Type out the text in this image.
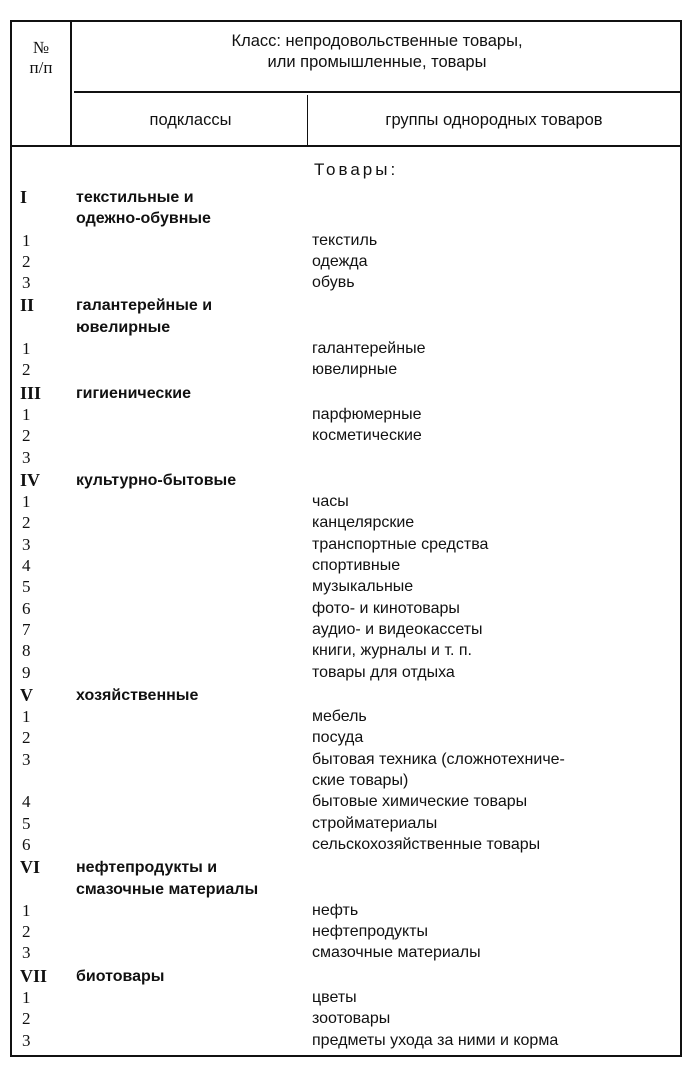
№
п/п
Класс: непродовольственные товары,
или промышленные, товары
подклассы	группы однородных товаров
Товары:
I	текстильные и
одежно-обувные
1	текстиль
2	одежда
3	обувь
II	галантерейные и
ювелирные
1	галантерейные
2	ювелирные
III	гигиенические
1	парфюмерные
2	косметические
3
IV	культурно-бытовые
1	часы
2	канцелярские
3	транспортные средства
4	спортивные
5	музыкальные
6	фото- и кинотовары
7	аудио- и видеокассеты
8	книги, журналы и т. п.
9	товары для отдыха
V	хозяйственные
1	мебель
2	посуда
3	бытовая техника (сложнотехниче-
ские товары)
4	бытовые химические товары
5	стройматериалы
6	сельскохозяйственные товары
VI	нефтепродукты и
смазочные материалы
1	нефть
2	нефтепродукты
3	смазочные материалы
VII	биотовары
1	цветы
2	зоотовары
3	предметы ухода за ними и корма
